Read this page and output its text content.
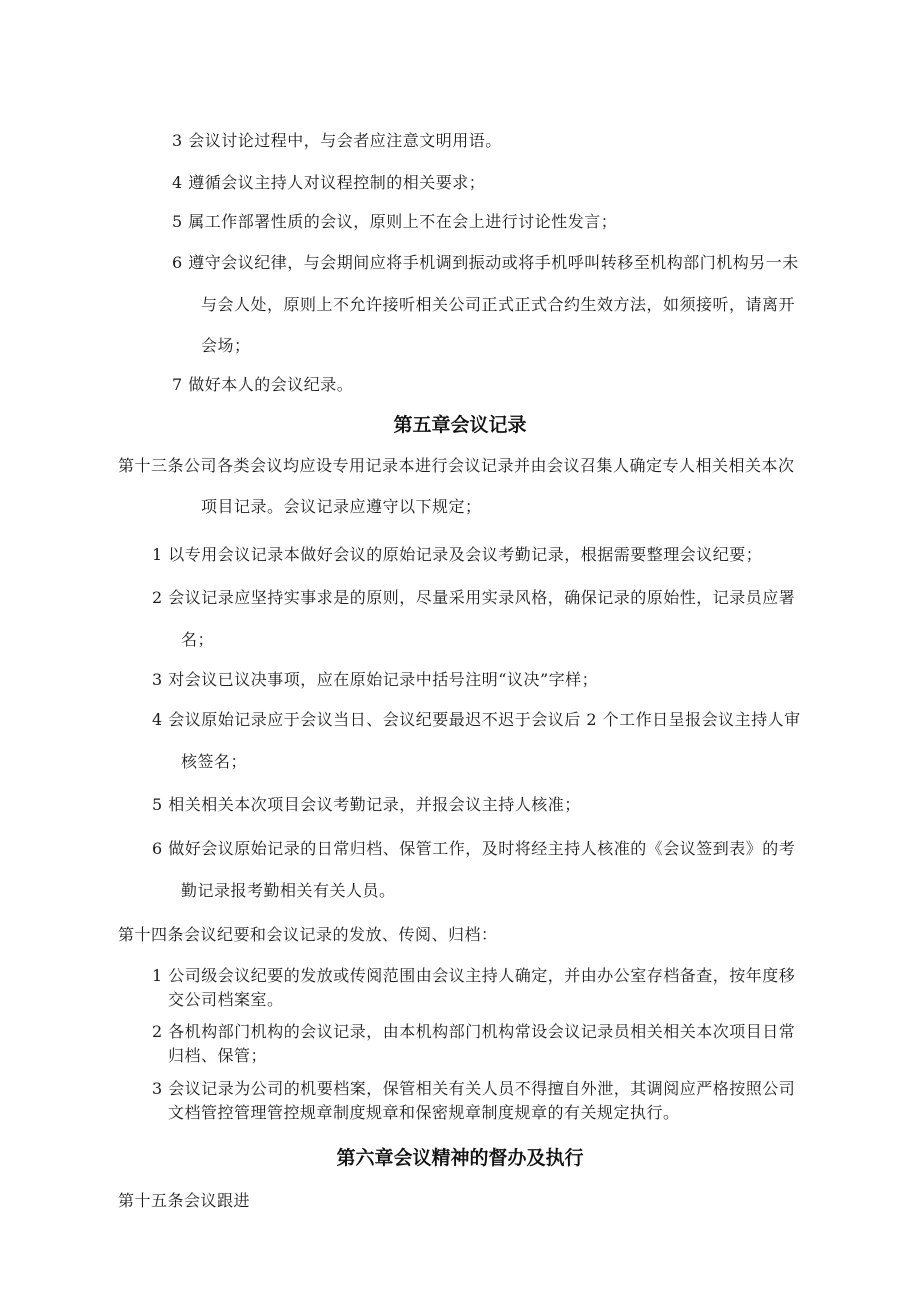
3 会议讨论过程中，与会者应注意文明用语。
4 遵循会议主持人对议程控制的相关要求；
5 属工作部署性质的会议，原则上不在会上进行讨论性发言；
6 遵守会议纪律，与会期间应将手机调到振动或将手机呼叫转移至机构部门机构另一未
与会人处，原则上不允许接听相关公司正式正式合约生效方法，如须接听，请离开
会场；
7 做好本人的会议纪录。
第五章会议记录
第十三条公司各类会议均应设专用记录本进行会议记录并由会议召集人确定专人相关相关本次
项目记录。会议记录应遵守以下规定；
1 以专用会议记录本做好会议的原始记录及会议考勤记录，根据需要整理会议纪要；
2 会议记录应坚持实事求是的原则，尽量采用实录风格，确保记录的原始性，记录员应署
名；
3 对会议已议决事项，应在原始记录中括号注明“议决”字样；
4 会议原始记录应于会议当日、会议纪要最迟不迟于会议后 2 个工作日呈报会议主持人审
核签名；
5 相关相关本次项目会议考勤记录，并报会议主持人核准；
6 做好会议原始记录的日常归档、保管工作，及时将经主持人核准的《会议签到表》的考
勤记录报考勤相关有关人员。
第十四条会议纪要和会议记录的发放、传阅、归档：
1 公司级会议纪要的发放或传阅范围由会议主持人确定，并由办公室存档备查，按年度移
交公司档案室。
2 各机构部门机构的会议记录，由本机构部门机构常设会议记录员相关相关本次项目日常
归档、保管；
3 会议记录为公司的机要档案，保管相关有关人员不得擅自外泄，其调阅应严格按照公司
文档管控管理管控规章制度规章和保密规章制度规章的有关规定执行。
第六章会议精神的督办及执行
第十五条会议跟进
